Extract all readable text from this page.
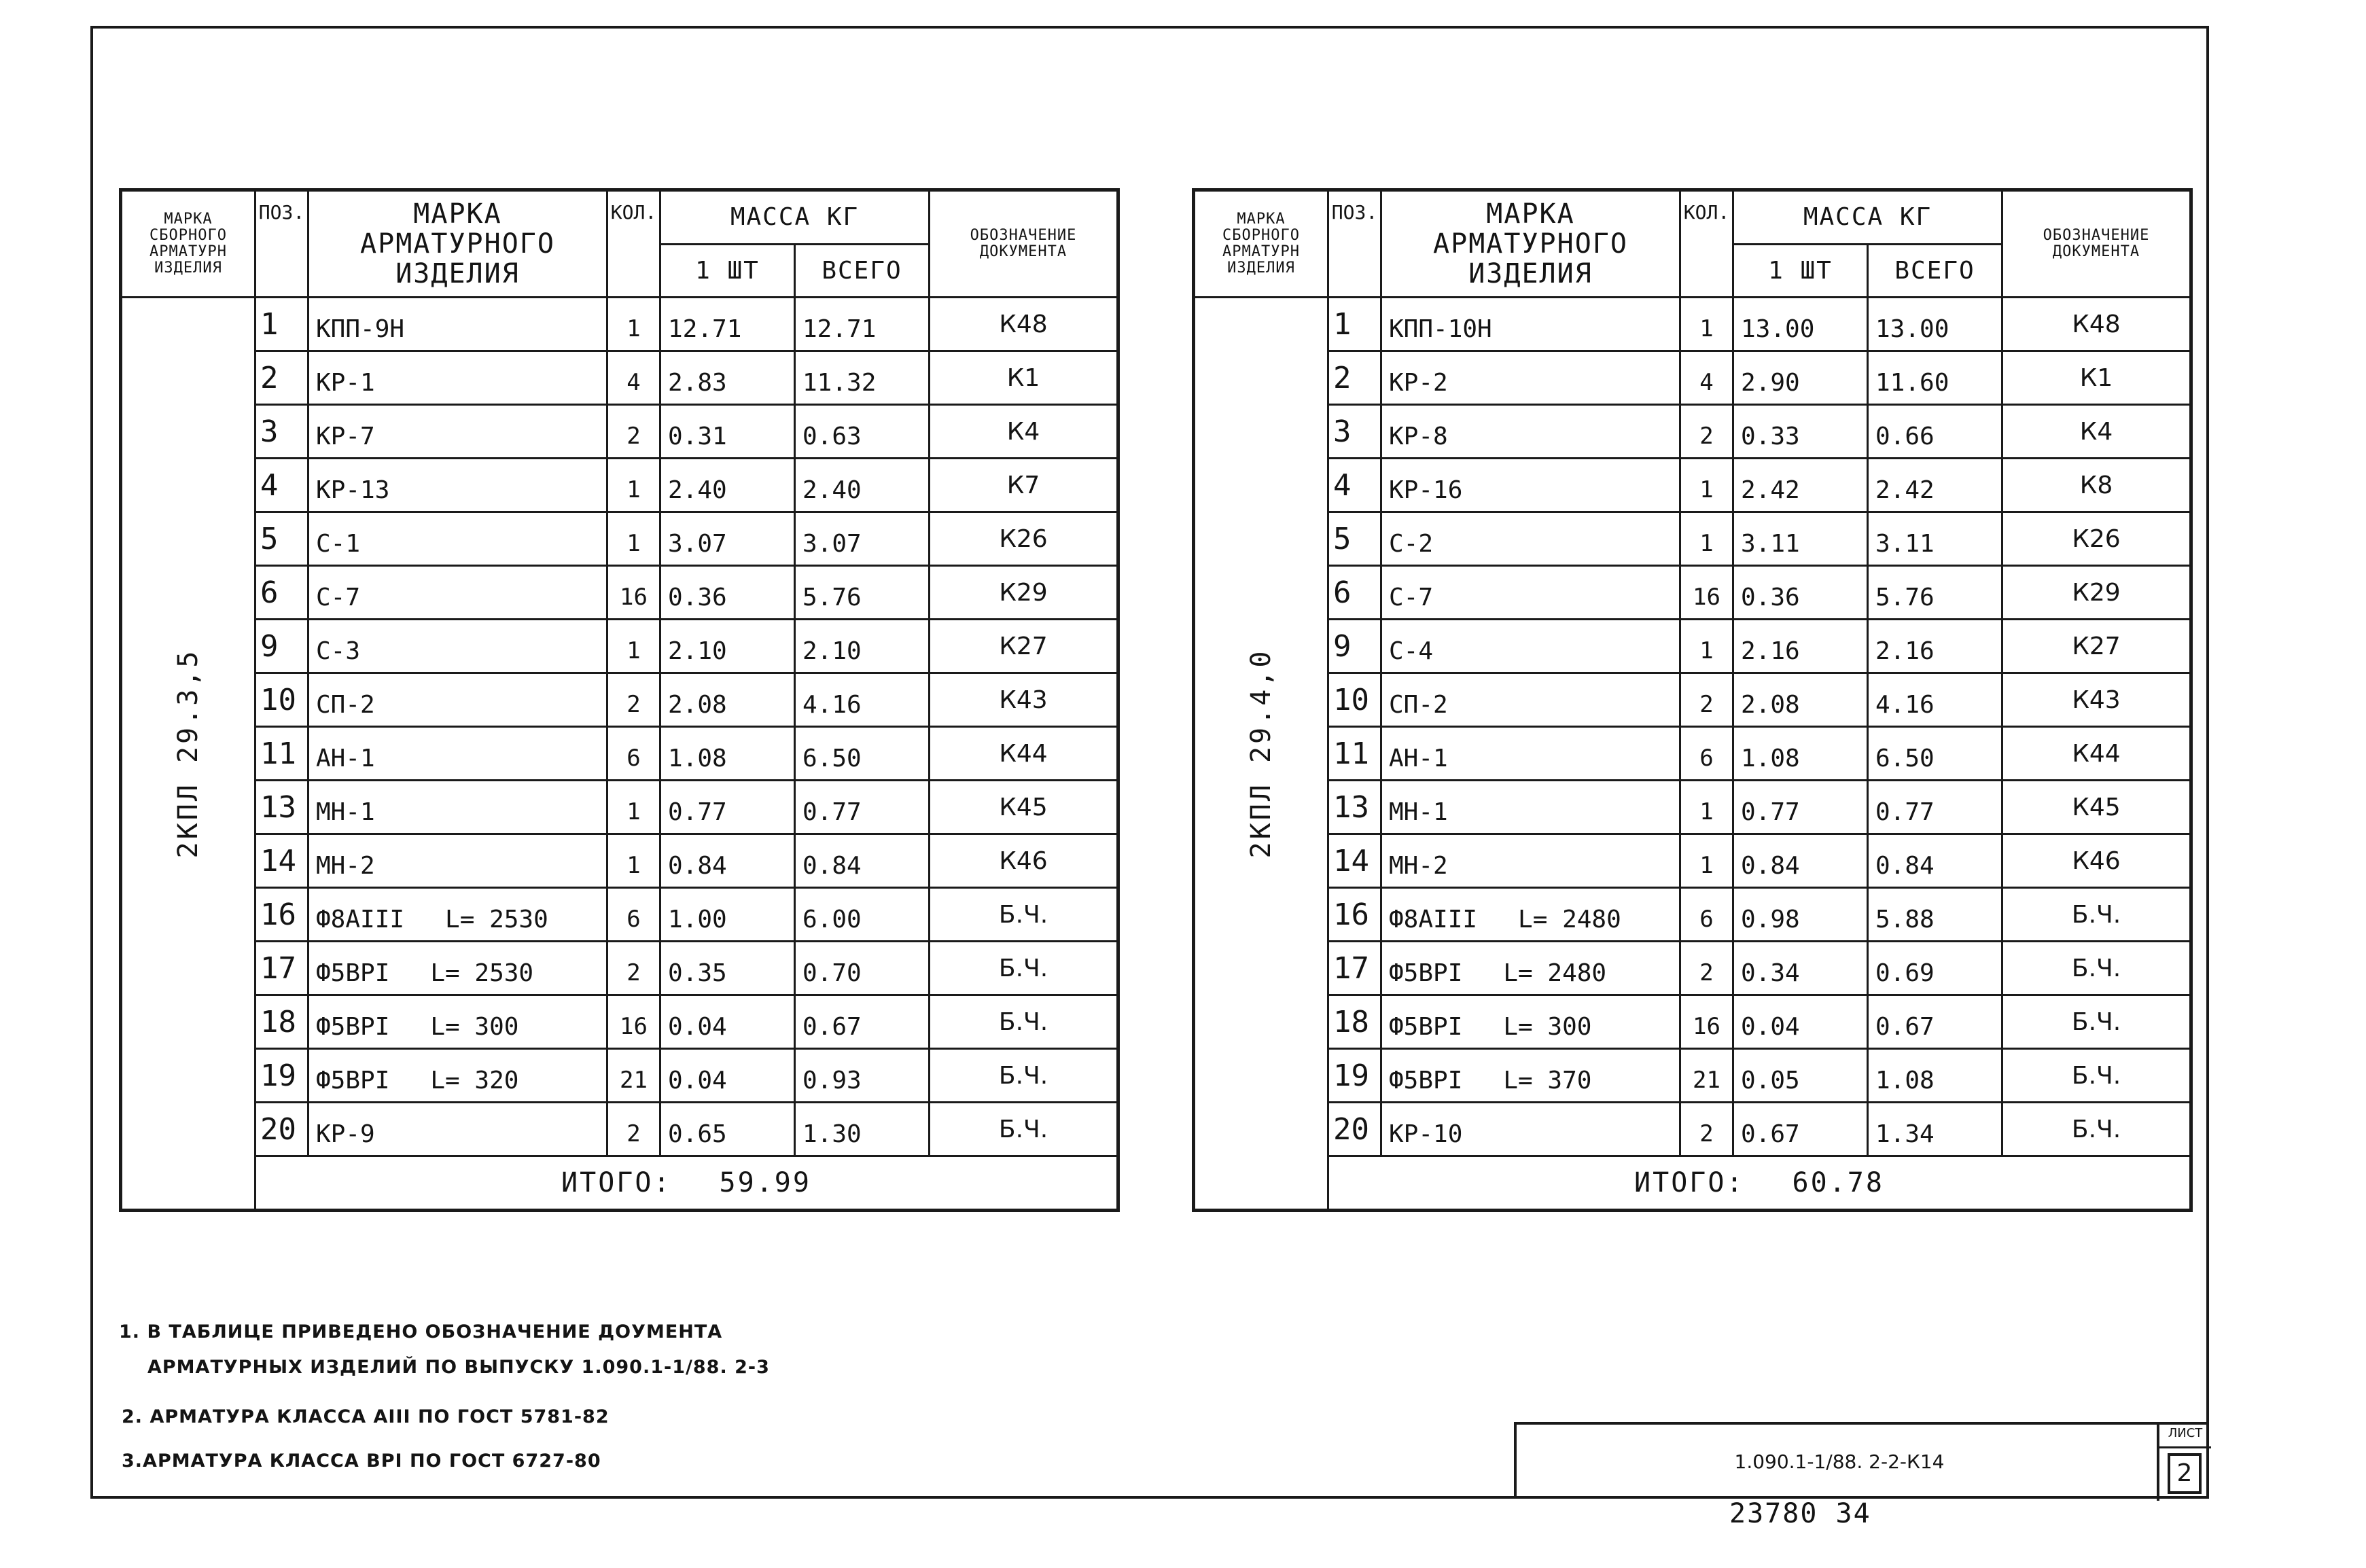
МАРКА СБОРНОГО АРМАТУРН ИЗДЕЛИЯ	ПОЗ.	МАРКА АРМАТУРНОГО ИЗДЕЛИЯ	КОЛ.	МАССА КГ		ОБОЗНАЧЕНИЕ ДОКУМЕНТА
				1 ШТ	ВСЕГО	

2КПЛ 29.3,5	1	КПП-9Н	1	12.71	12.71	К48
	2	КР-1	4	2.83	11.32	К1
	3	КР-7	2	0.31	0.63	К4
	4	КР-13	1	2.40	2.40	К7
	5	С-1	1	3.07	3.07	К26
	6	С-7	16	0.36	5.76	К29
	9	С-3	1	2.10	2.10	К27
	10	СП-2	2	2.08	4.16	К43
	11	АН-1	6	1.08	6.50	К44
	13	МН-1	1	0.77	0.77	К45
	14	МН-2	1	0.84	0.84	К46
	16	Ф8АIII L= 2530	6	1.00	6.00	Б.Ч.
	17	Ф5ВРI L= 2530	2	0.35	0.70	Б.Ч.
	18	Ф5ВРI L= 300	16	0.04	0.67	Б.Ч.
	19	Ф5ВРI L= 320	21	0.04	0.93	Б.Ч.
	20	КР-9	2	0.65	1.30	Б.Ч.
	ИТОГО: 59.99					
МАРКА СБОРНОГО АРМАТУРН ИЗДЕЛИЯ	ПОЗ.	МАРКА АРМАТУРНОГО ИЗДЕЛИЯ	КОЛ.	МАССА КГ		ОБОЗНАЧЕНИЕ ДОКУМЕНТА
				1 ШТ	ВСЕГО	

2КПЛ 29.4,0	1	КПП-10Н	1	13.00	13.00	К48
	2	КР-2	4	2.90	11.60	К1
	3	КР-8	2	0.33	0.66	К4
	4	КР-16	1	2.42	2.42	К8
	5	С-2	1	3.11	3.11	К26
	6	С-7	16	0.36	5.76	К29
	9	С-4	1	2.16	2.16	К27
	10	СП-2	2	2.08	4.16	К43
	11	АН-1	6	1.08	6.50	К44
	13	МН-1	1	0.77	0.77	К45
	14	МН-2	1	0.84	0.84	К46
	16	Ф8АIII L= 2480	6	0.98	5.88	Б.Ч.
	17	Ф5ВРI L= 2480	2	0.34	0.69	Б.Ч.
	18	Ф5ВРI L= 300	16	0.04	0.67	Б.Ч.
	19	Ф5ВРI L= 370	21	0.05	1.08	Б.Ч.
	20	КР-10	2	0.67	1.34	Б.Ч.
	ИТОГО: 60.78					
1. В ТАБЛИЦЕ ПРИВЕДЕНО ОБОЗНАЧЕНИЕ ДОУМЕНТА
АРМАТУРНЫХ ИЗДЕЛИЙ ПО ВЫПУСКУ 1.090.1-1/88. 2-3
2. АРМАТУРА КЛАССА АIII ПО ГОСТ 5781-82
3.АРМАТУРА КЛАССА ВРI ПО ГОСТ 6727-80	1.090.1-1/88. 2-2-К14
ЛИСТ
2
23780 34
